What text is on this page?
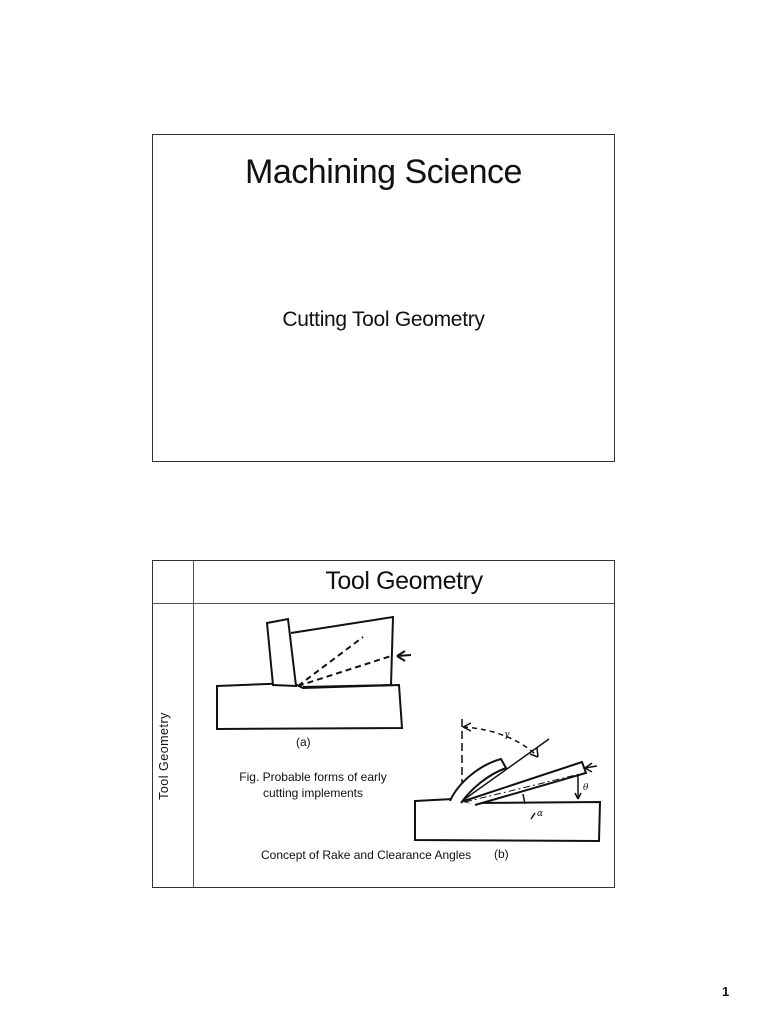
Machining Science
Cutting Tool Geometry
Tool Geometry
Tool Geometry	γ
θ
α
(a)
Fig. Probable forms of early cutting implements
Concept of Rake and Clearance Angles (b)
1
